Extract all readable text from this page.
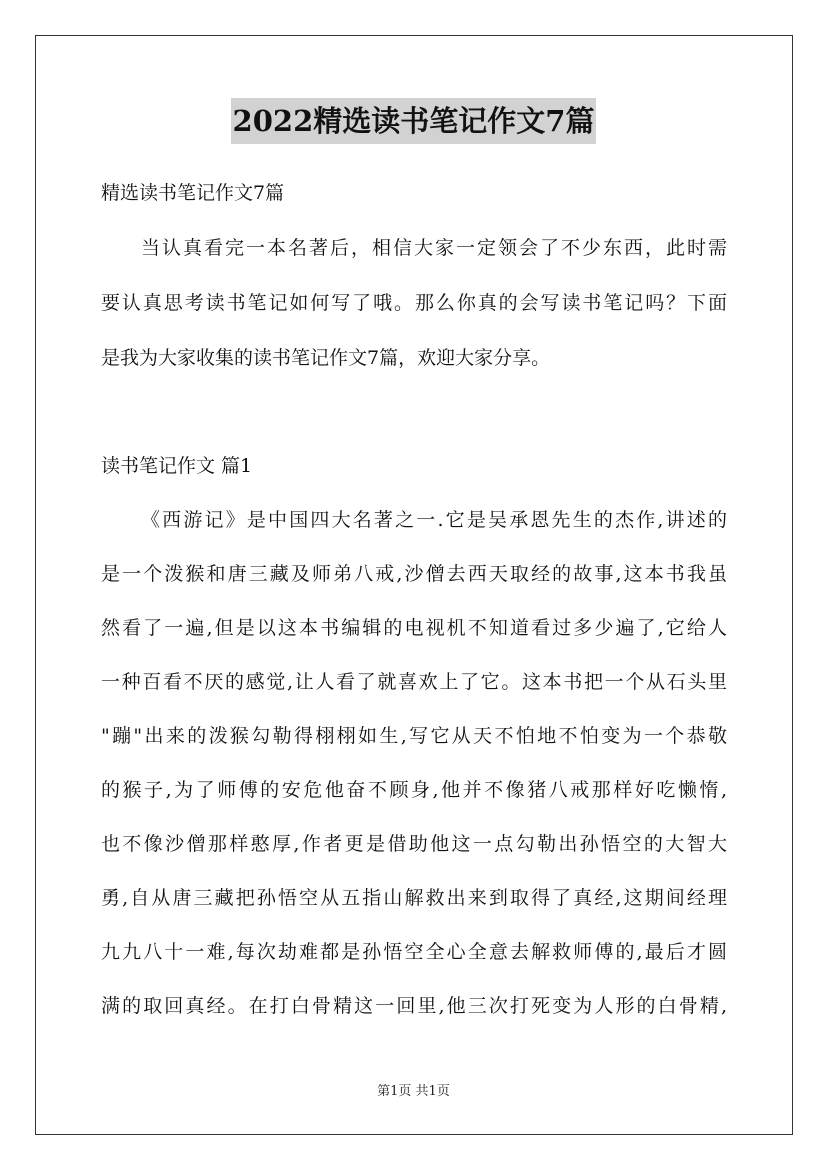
2022精选读书笔记作文7篇
精选读书笔记作文7篇
当认真看完一本名著后，相信大家一定领会了不少东西，此时需
要认真思考读书笔记如何写了哦。那么你真的会写读书笔记吗？下面
是我为大家收集的读书笔记作文7篇，欢迎大家分享。
读书笔记作文 篇1
《西游记》是中国四大名著之一.它是吴承恩先生的杰作,讲述的
是一个泼猴和唐三藏及师弟八戒,沙僧去西天取经的故事,这本书我虽
然看了一遍,但是以这本书编辑的电视机不知道看过多少遍了,它给人
一种百看不厌的感觉,让人看了就喜欢上了它。这本书把一个从石头里
"蹦"出来的泼猴勾勒得栩栩如生,写它从天不怕地不怕变为一个恭敬
的猴子,为了师傅的安危他奋不顾身,他并不像猪八戒那样好吃懒惰,
也不像沙僧那样憨厚,作者更是借助他这一点勾勒出孙悟空的大智大
勇,自从唐三藏把孙悟空从五指山解救出来到取得了真经,这期间经理
九九八十一难,每次劫难都是孙悟空全心全意去解救师傅的,最后才圆
满的取回真经。在打白骨精这一回里,他三次打死变为人形的白骨精,
第1页 共1页
